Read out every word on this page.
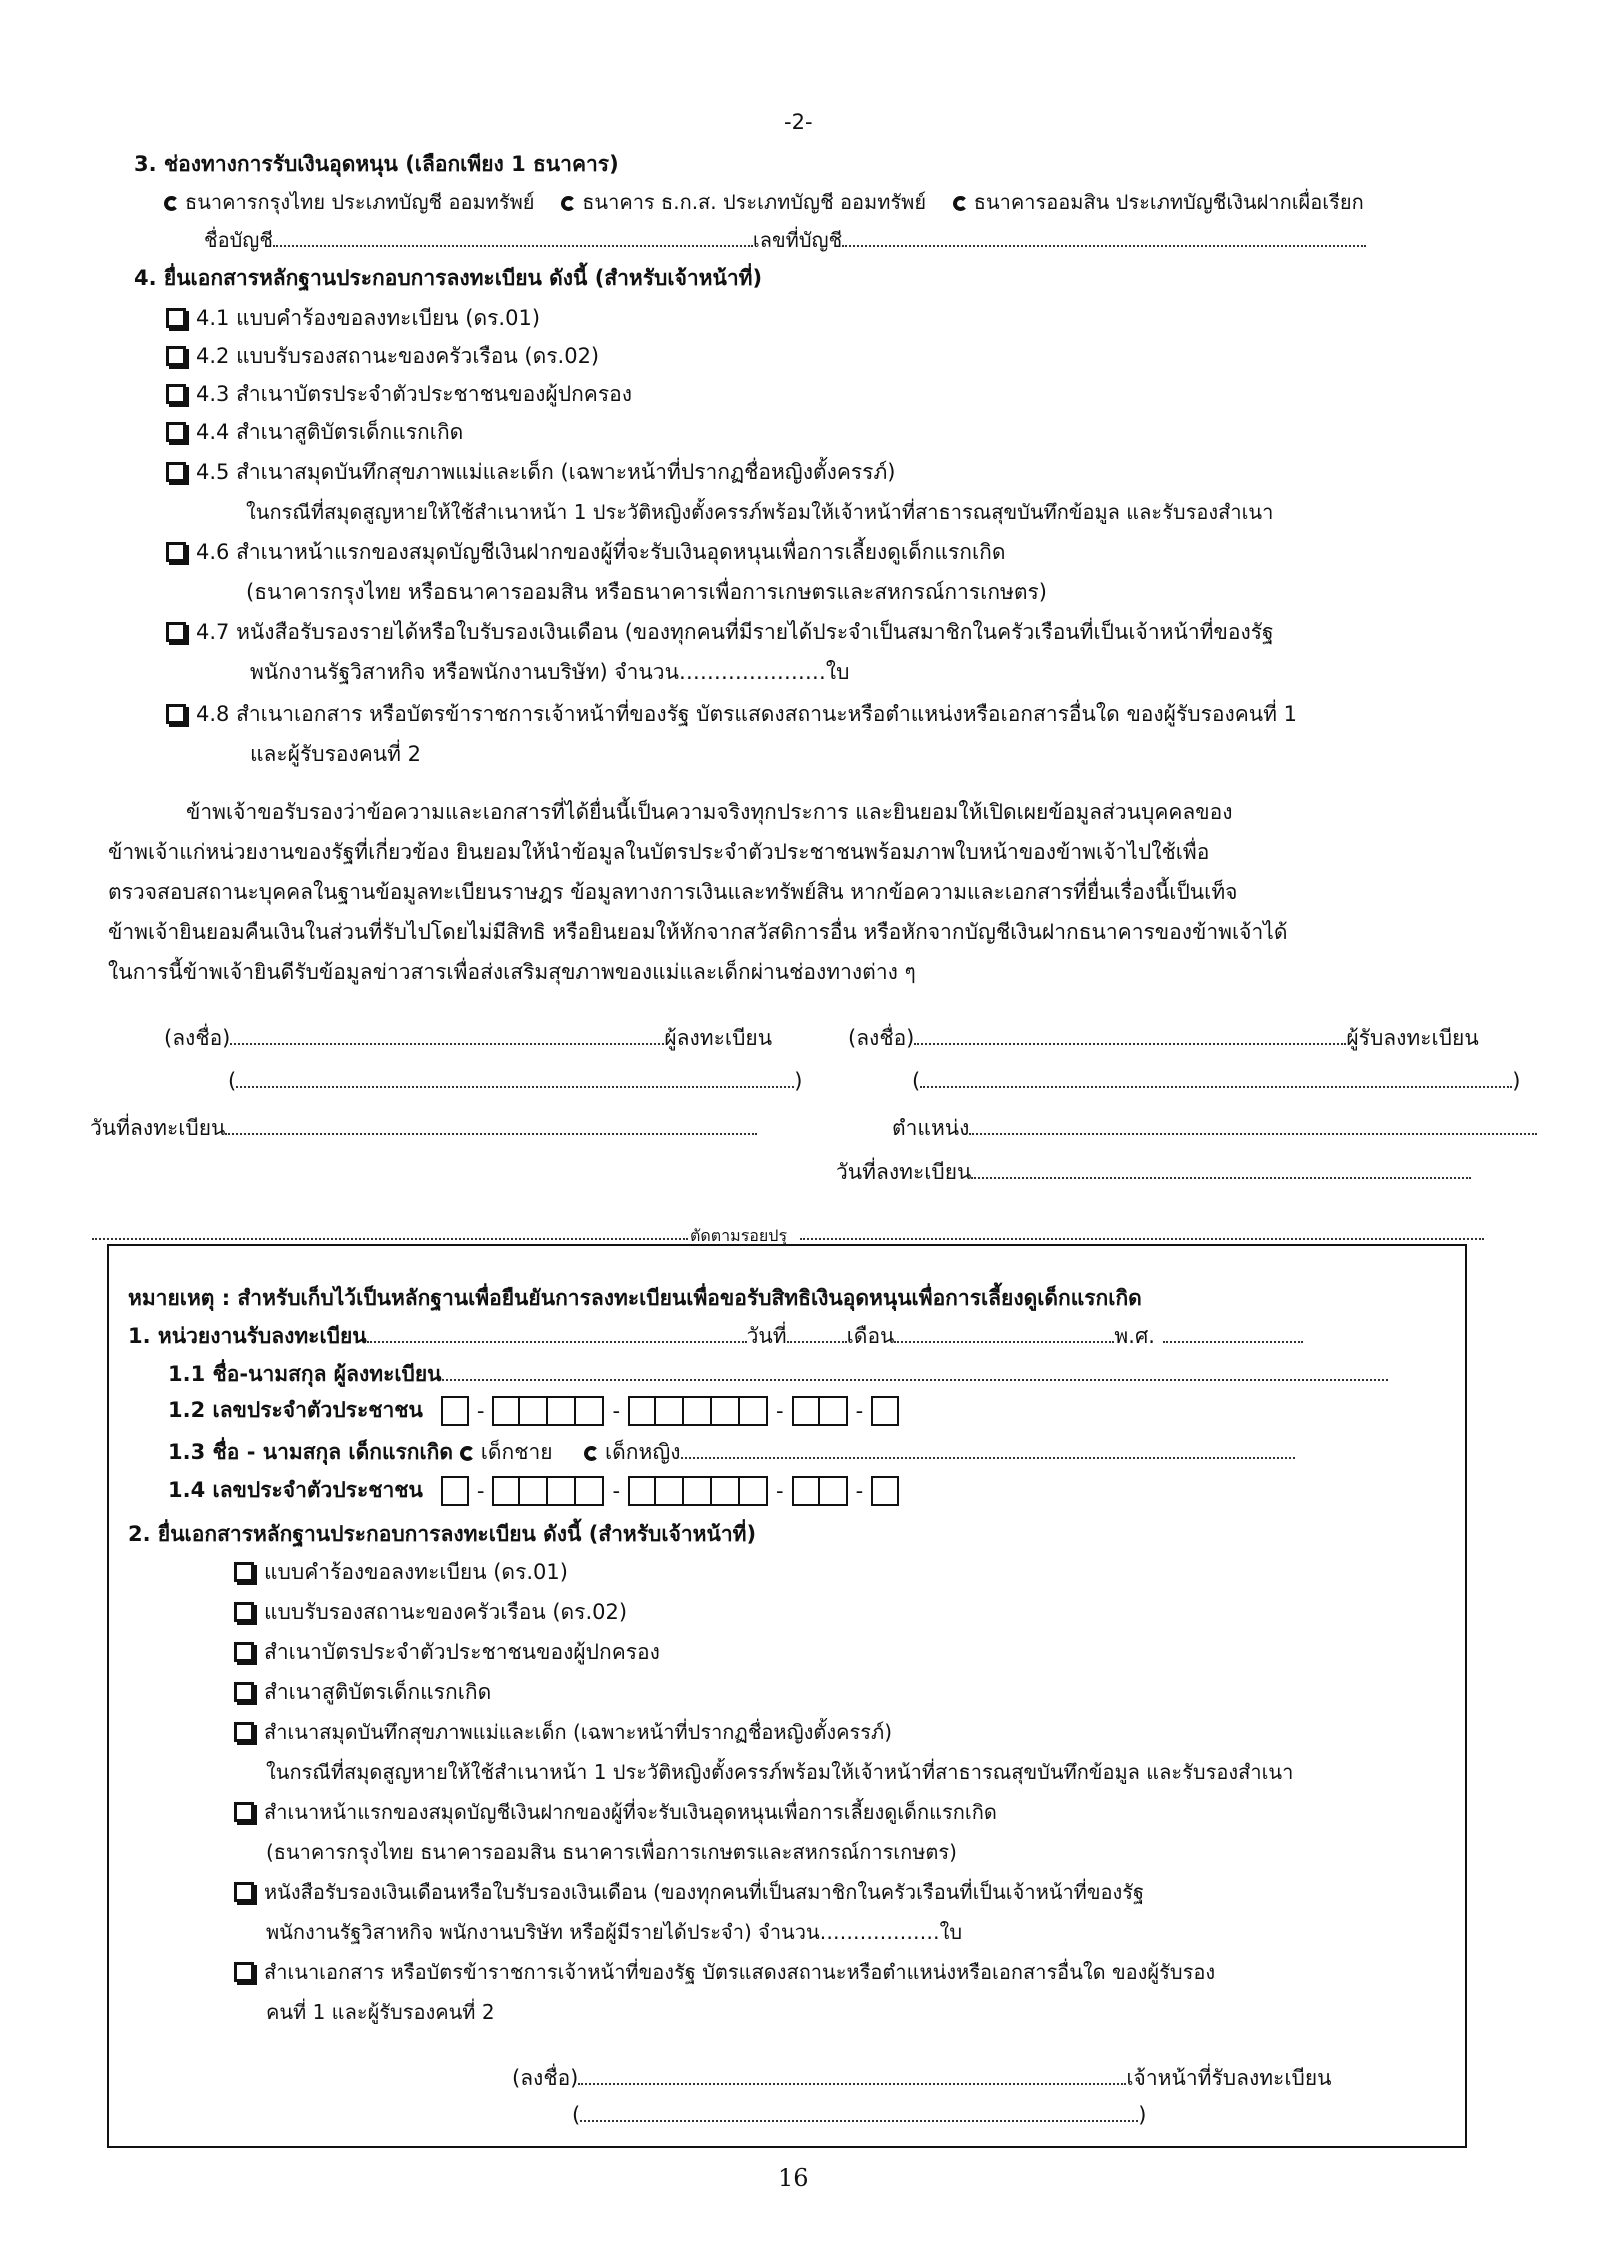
-2-
3. ช่องทางการรับเงินอุดหนุน (เลือกเพียง 1 ธนาคาร)
ธนาคารกรุงไทย ประเภทบัญชี ออมทรัพย์ ธนาคาร ธ.ก.ส. ประเภทบัญชี ออมทรัพย์ ธนาคารออมสิน ประเภทบัญชีเงินฝากเผื่อเรียก
ชื่อบัญชี	เลขที่บัญชี
4. ยื่นเอกสารหลักฐานประกอบการลงทะเบียน ดังนี้ (สำหรับเจ้าหน้าที่)
4.1 แบบคำร้องขอลงทะเบียน (ดร.01)
4.2 แบบรับรองสถานะของครัวเรือน (ดร.02)
4.3 สำเนาบัตรประจำตัวประชาชนของผู้ปกครอง
4.4 สำเนาสูติบัตรเด็กแรกเกิด
4.5 สำเนาสมุดบันทึกสุขภาพแม่และเด็ก (เฉพาะหน้าที่ปรากฏชื่อหญิงตั้งครรภ์)
ในกรณีที่สมุดสูญหายให้ใช้สำเนาหน้า 1 ประวัติหญิงตั้งครรภ์พร้อมให้เจ้าหน้าที่สาธารณสุขบันทึกข้อมูล และรับรองสำเนา
4.6 สำเนาหน้าแรกของสมุดบัญชีเงินฝากของผู้ที่จะรับเงินอุดหนุนเพื่อการเลี้ยงดูเด็กแรกเกิด
(ธนาคารกรุงไทย หรือธนาคารออมสิน หรือธนาคารเพื่อการเกษตรและสหกรณ์การเกษตร)
4.7 หนังสือรับรองรายได้หรือใบรับรองเงินเดือน (ของทุกคนที่มีรายได้ประจำเป็นสมาชิกในครัวเรือนที่เป็นเจ้าหน้าที่ของรัฐ
พนักงานรัฐวิสาหกิจ หรือพนักงานบริษัท) จำนวน…………………ใบ
4.8 สำเนาเอกสาร หรือบัตรข้าราชการเจ้าหน้าที่ของรัฐ บัตรแสดงสถานะหรือตำแหน่งหรือเอกสารอื่นใด ของผู้รับรองคนที่ 1
และผู้รับรองคนที่ 2
ข้าพเจ้าขอรับรองว่าข้อความและเอกสารที่ได้ยื่นนี้เป็นความจริงทุกประการ และยินยอมให้เปิดเผยข้อมูลส่วนบุคคลของ
ข้าพเจ้าแก่หน่วยงานของรัฐที่เกี่ยวข้อง ยินยอมให้นำข้อมูลในบัตรประจำตัวประชาชนพร้อมภาพใบหน้าของข้าพเจ้าไปใช้เพื่อ
ตรวจสอบสถานะบุคคลในฐานข้อมูลทะเบียนราษฎร ข้อมูลทางการเงินและทรัพย์สิน หากข้อความและเอกสารที่ยื่นเรื่องนี้เป็นเท็จ
ข้าพเจ้ายินยอมคืนเงินในส่วนที่รับไปโดยไม่มีสิทธิ หรือยินยอมให้หักจากสวัสดิการอื่น หรือหักจากบัญชีเงินฝากธนาคารของข้าพเจ้าได้
ในการนี้ข้าพเจ้ายินดีรับข้อมูลข่าวสารเพื่อส่งเสริมสุขภาพของแม่และเด็กผ่านช่องทางต่าง ๆ
(ลงชื่อ)	ผู้ลงทะเบียน	(ลงชื่อ)	ผู้รับลงทะเบียน
(	)	(	)
วันที่ลงทะเบียน	ตำแหน่ง
วันที่ลงทะเบียน
ตัดตามรอยปรุ
หมายเหตุ : สำหรับเก็บไว้เป็นหลักฐานเพื่อยืนยันการลงทะเบียนเพื่อขอรับสิทธิเงินอุดหนุนเพื่อการเลี้ยงดูเด็กแรกเกิด
1. หน่วยงานรับลงทะเบียน	วันที่	เดือน	พ.ศ.
1.1 ชื่อ-นามสกุล ผู้ลงทะเบียน
1.2 เลขประจำตัวประชาชน	-	-	-	-
1.3 ชื่อ - นามสกุล เด็กแรกเกิด เด็กชาย เด็กหญิง
1.4 เลขประจำตัวประชาชน	-	-	-	-
2. ยื่นเอกสารหลักฐานประกอบการลงทะเบียน ดังนี้ (สำหรับเจ้าหน้าที่)
แบบคำร้องขอลงทะเบียน (ดร.01)
แบบรับรองสถานะของครัวเรือน (ดร.02)
สำเนาบัตรประจำตัวประชาชนของผู้ปกครอง
สำเนาสูติบัตรเด็กแรกเกิด
สำเนาสมุดบันทึกสุขภาพแม่และเด็ก (เฉพาะหน้าที่ปรากฏชื่อหญิงตั้งครรภ์)
ในกรณีที่สมุดสูญหายให้ใช้สำเนาหน้า 1 ประวัติหญิงตั้งครรภ์พร้อมให้เจ้าหน้าที่สาธารณสุขบันทึกข้อมูล และรับรองสำเนา
สำเนาหน้าแรกของสมุดบัญชีเงินฝากของผู้ที่จะรับเงินอุดหนุนเพื่อการเลี้ยงดูเด็กแรกเกิด
(ธนาคารกรุงไทย ธนาคารออมสิน ธนาคารเพื่อการเกษตรและสหกรณ์การเกษตร)
หนังสือรับรองเงินเดือนหรือใบรับรองเงินเดือน (ของทุกคนที่เป็นสมาชิกในครัวเรือนที่เป็นเจ้าหน้าที่ของรัฐ
พนักงานรัฐวิสาหกิจ พนักงานบริษัท หรือผู้มีรายได้ประจำ) จำนวน………………ใบ
สำเนาเอกสาร หรือบัตรข้าราชการเจ้าหน้าที่ของรัฐ บัตรแสดงสถานะหรือตำแหน่งหรือเอกสารอื่นใด ของผู้รับรอง
คนที่ 1 และผู้รับรองคนที่ 2
(ลงชื่อ)	เจ้าหน้าที่รับลงทะเบียน
(	)
16
